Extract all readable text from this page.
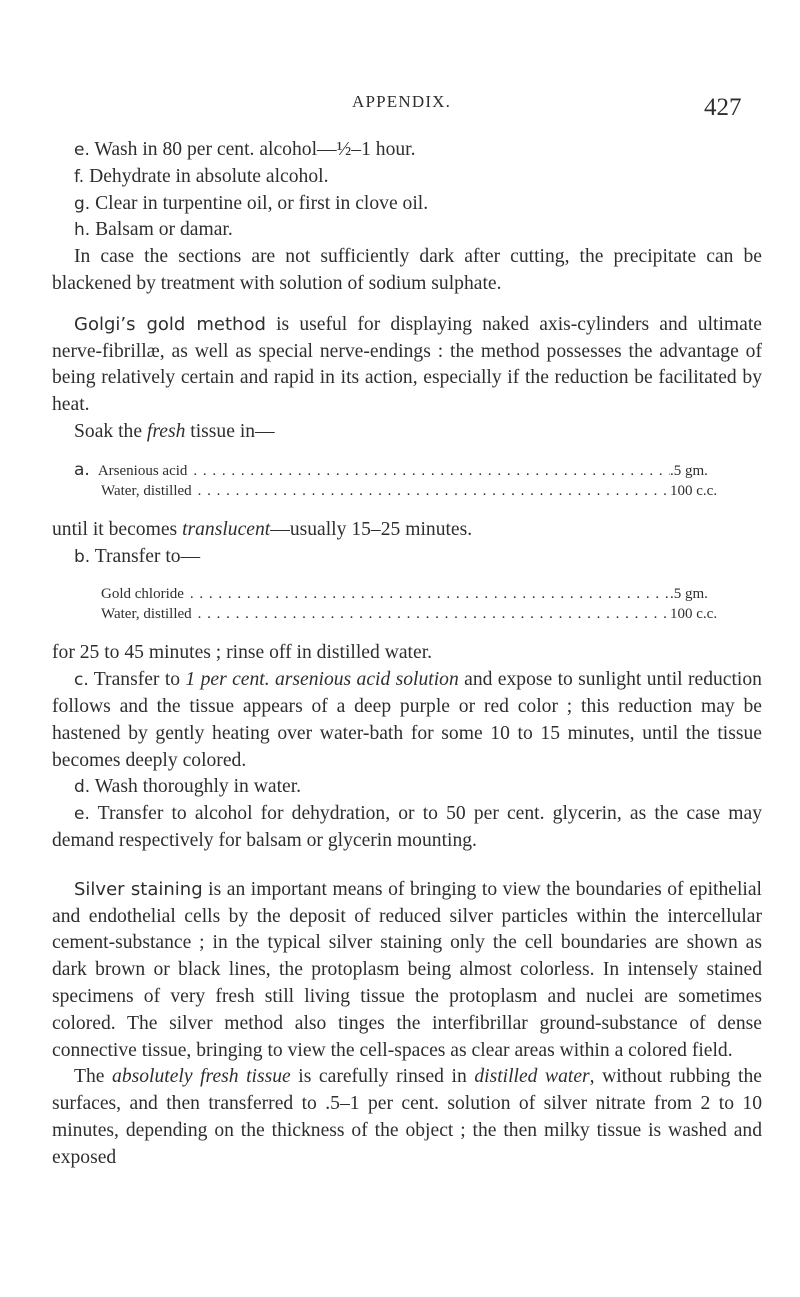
APPENDIX.	427

e. Wash in 80 per cent. alcohol—½–1 hour.

f. Dehydrate in absolute alcohol.

g. Clear in turpentine oil, or first in clove oil.

h. Balsam or damar.

In case the sections are not sufficiently dark after cutting, the precipitate can be blackened by treatment with solution of sodium sulphate.

Golgi’s gold method is useful for displaying naked axis-cylinders and ultimate nerve-fibrillæ, as well as special nerve-endings : the method possesses the advantage of being relatively certain and rapid in its action, especially if the reduction be facilitated by heat.

Soak the fresh tissue in—

a. Arsenious acid . . .	.5 gm.
Water, distilled . . .	100 c.c.

until it becomes translucent—usually 15–25 minutes.

b. Transfer to—

Gold chloride . . .	.5 gm.
Water, distilled . . .	100 c.c.

for 25 to 45 minutes ; rinse off in distilled water.

c. Transfer to 1 per cent. arsenious acid solution and expose to sunlight until reduction follows and the tissue appears of a deep purple or red color ; this reduction may be hastened by gently heating over water-bath for some 10 to 15 minutes, until the tissue becomes deeply colored.

d. Wash thoroughly in water.

e. Transfer to alcohol for dehydration, or to 50 per cent. glycerin, as the case may demand respectively for balsam or glycerin mounting.

Silver staining is an important means of bringing to view the boundaries of epithelial and endothelial cells by the deposit of reduced silver particles within the intercellular cement-substance ; in the typical silver staining only the cell boundaries are shown as dark brown or black lines, the protoplasm being almost colorless. In intensely stained specimens of very fresh still living tissue the protoplasm and nuclei are sometimes colored. The silver method also tinges the interfibrillar ground-substance of dense connective tissue, bringing to view the cell-spaces as clear areas within a colored field.

The absolutely fresh tissue is carefully rinsed in distilled water, without rubbing the surfaces, and then transferred to .5–1 per cent. solution of silver nitrate from 2 to 10 minutes, depending on the thickness of the object ; the then milky tissue is washed and exposed
